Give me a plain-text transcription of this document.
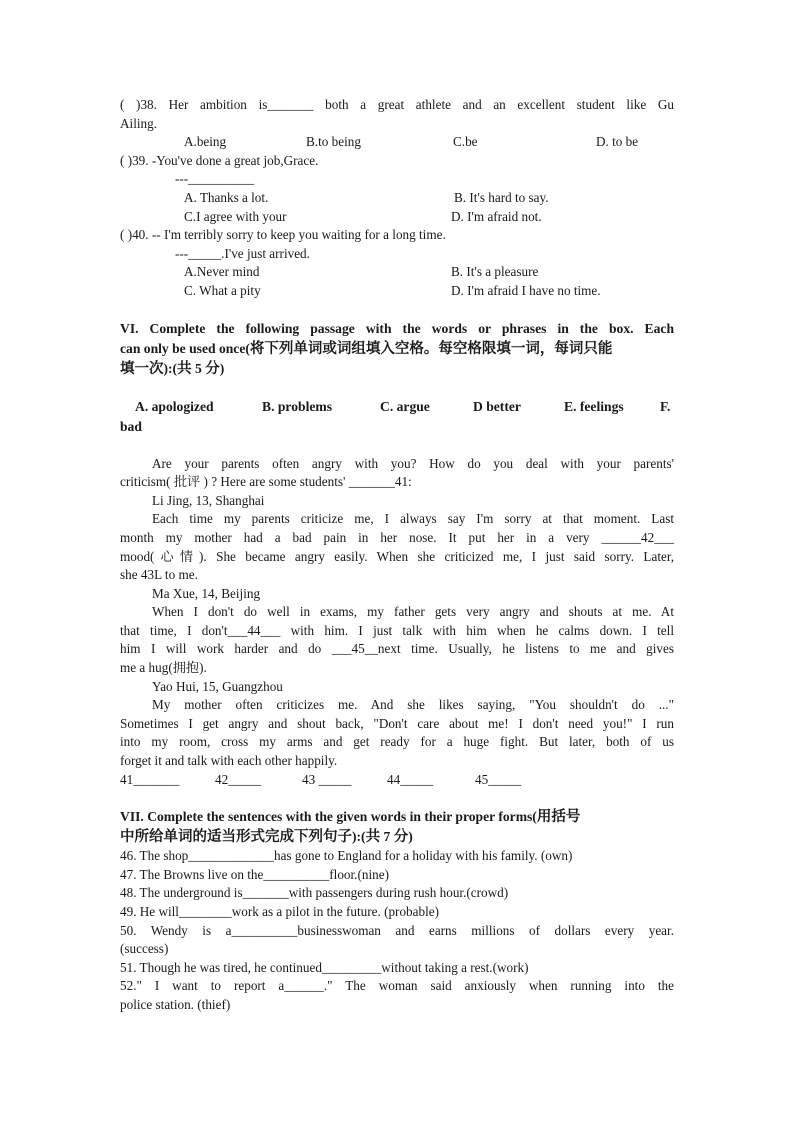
( )38. Her ambition is_______ both a great athlete and an excellent student like Gu
Ailing.
A.being	B.to being	C.be	D. to be
( )39. -You've done a great job,Grace.
---__________
A. Thanks a lot.	B. It's hard to say.
C.I agree with your	D. I'm afraid not.
( )40. -- I'm terribly sorry to keep you waiting for a long time.
---_____.I've just arrived.
A.Never mind	B. It's a pleasure
C. What a pity	D. I'm afraid I have no time.
VI. Complete the following passage with the words or phrases in the box. Each
can only be used once(将下列单词或词组填入空格。每空格限填一词，每词只能
填一次):(共 5 分)
A. apologized	B. problems	C. argue	D better	E. feelings	F.
bad
Are your parents often angry with you? How do you deal with your parents'
criticism( 批评 ) ? Here are some students' _______41:
Li Jing, 13, Shanghai
Each time my parents criticize me, I always say I'm sorry at that moment. Last
month my mother had a bad pain in her nose. It put her in a very ______42___
mood(心情). She became angry easily. When she criticized me, I just said sorry. Later,
she 43L to me.
Ma Xue, 14, Beijing
When I don't do well in exams, my father gets very angry and shouts at me. At
that time, I don't___44___ with him. I just talk with him when he calms down. I tell
him I will work harder and do ___45__next time. Usually, he listens to me and gives
me a hug(拥抱).
Yao Hui, 15, Guangzhou
My mother often criticizes me. And she likes saying, "You shouldn't do ..."
Sometimes I get angry and shout back, "Don't care about me! I don't need you!" I run
into my room, cross my arms and get ready for a huge fight. But later, both of us
forget it and talk with each other happily.
41_______	42_____	43 _____	44_____	45_____
VII. Complete the sentences with the given words in their proper forms(用括号
中所给单词的适当形式完成下列句子):(共 7 分)
46. The shop_____________has gone to England for a holiday with his family. (own)
47. The Browns live on the__________floor.(nine)
48. The underground is_______with passengers during rush hour.(crowd)
49. He will________work as a pilot in the future. (probable)
50. Wendy is a__________businesswoman and earns millions of dollars every year.
(success)
51. Though he was tired, he continued_________without taking a rest.(work)
52." I want to report a______." The woman said anxiously when running into the
police station. (thief)
